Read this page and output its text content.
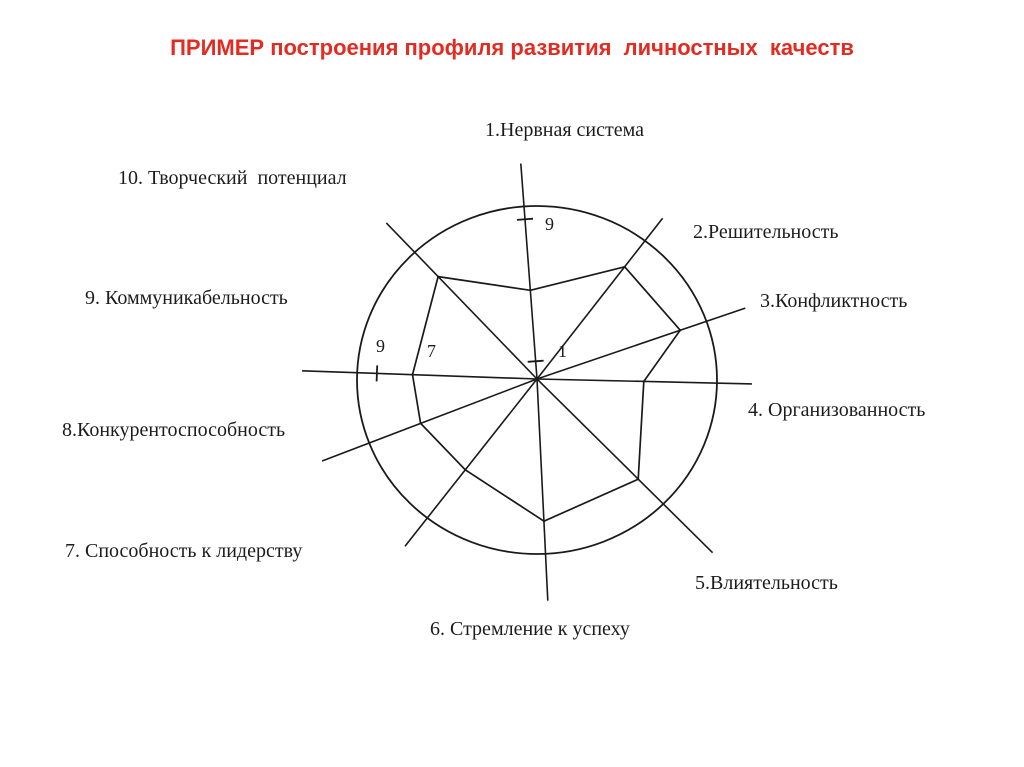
ПРИМЕР построения профиля развития  личностных  качеств
1.Нервная система
2.Решительность
3.Конфликтность
4. Организованность
5.Влиятельность
6. Стремление к успеху
7. Способность к лидерству
8.Конкурентоспособность
9. Коммуникабельность
10. Творческий  потенциал
9
1
9 7
